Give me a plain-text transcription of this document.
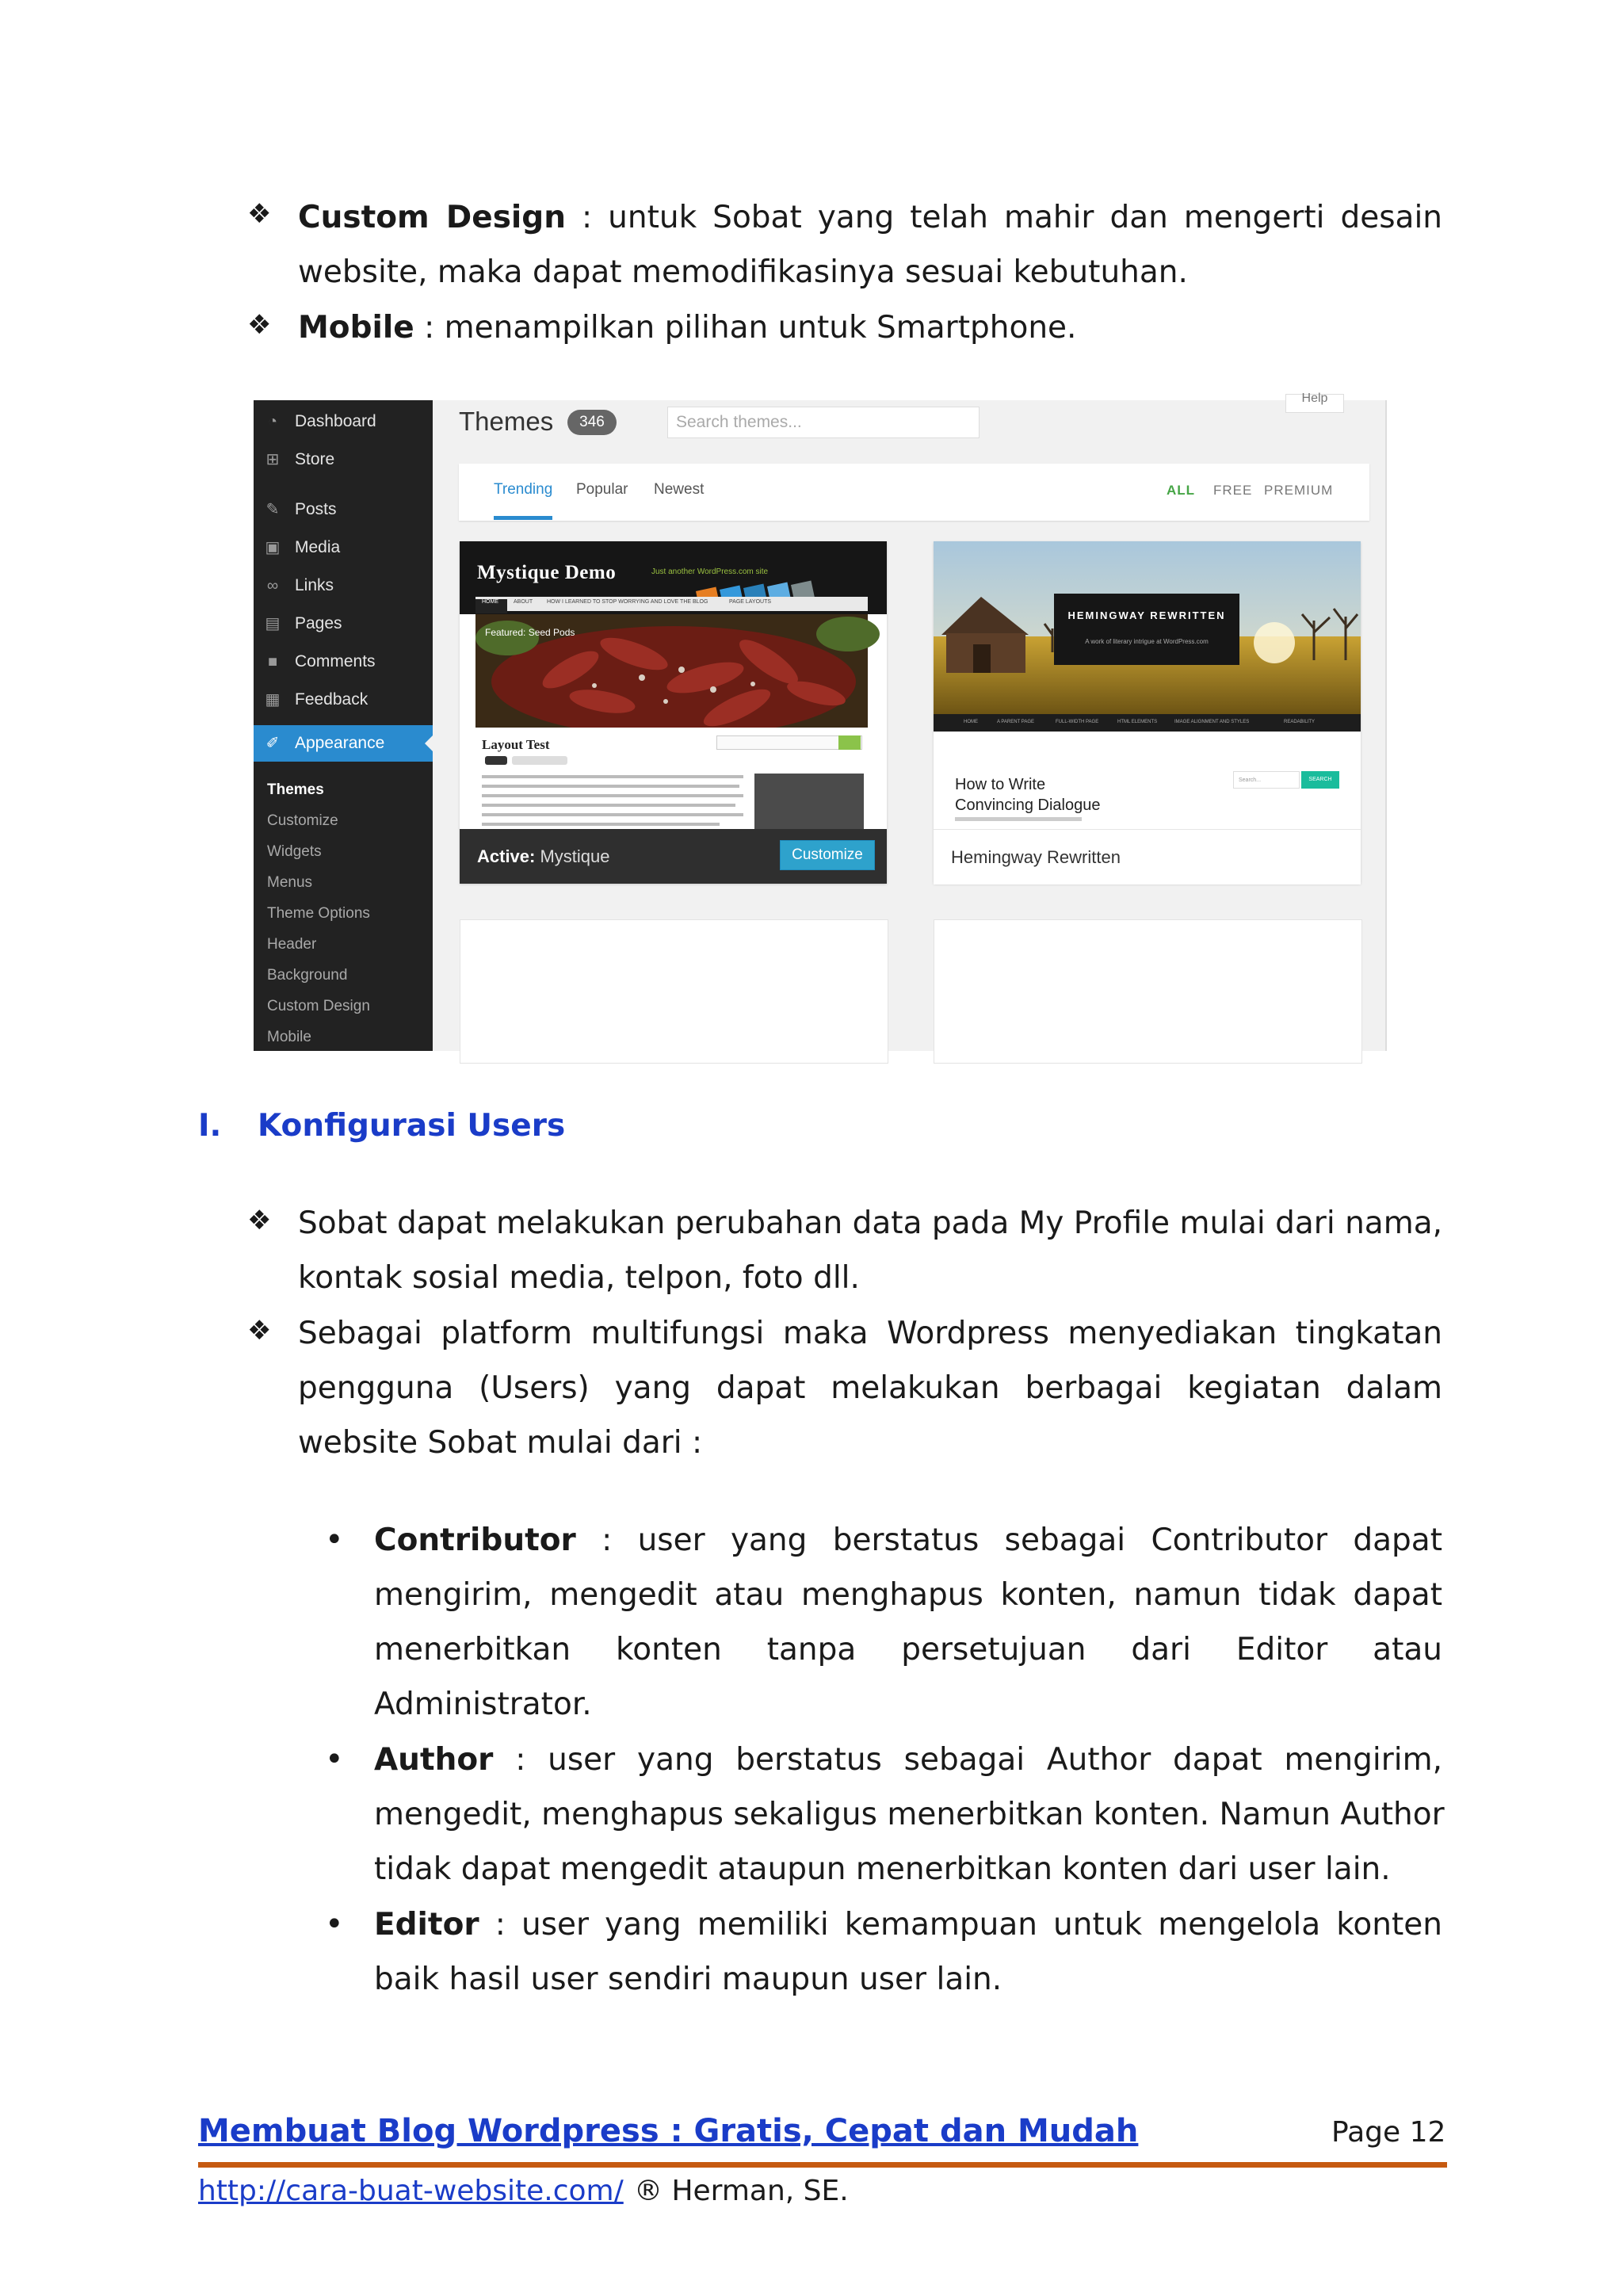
❖ Custom Design : untuk Sobat yang telah mahir dan mengerti desain
website, maka dapat memodifikasinya sesuai kebutuhan.
❖ Mobile : menampilkan pilihan untuk Smartphone.
◔ Dashboard
⊞ Store
✎ Posts
▣ Media
∞ Links
▤ Pages
■ Comments
▦ Feedback
✐ Appearance
Themes
Customize
Widgets
Menus
Theme Options
Header
Background
Custom Design
Mobile
Themes	346	Search themes...
Help
Trending Popular Newest	ALL FREE PREMIUM
Mystique Demo	Just another WordPress.com site
HOME	ABOUT	HOW I LEARNED TO STOP WORRYING AND LOVE THE BLOG	PAGE LAYOUTS
Featured: Seed Pods
Layout Test
Active: Mystique	Customize
HEMINGWAY REWRITTEN
A work of literary intrigue at WordPress.com
HOME	A PARENT PAGE	FULL-WIDTH PAGE	HTML ELEMENTS	IMAGE ALIGNMENT AND STYLES	READABILITY
How to Write
Convincing Dialogue
Search...	SEARCH
Hemingway Rewritten
I. Konfigurasi Users
❖ Sobat dapat melakukan perubahan data pada My Profile mulai dari nama,
kontak sosial media, telpon, foto dll.
❖ Sebagai platform multifungsi maka Wordpress menyediakan tingkatan
pengguna (Users) yang dapat melakukan berbagai kegiatan dalam
website Sobat mulai dari :
• Contributor : user yang berstatus sebagai Contributor dapat
mengirim, mengedit atau menghapus konten, namun tidak dapat
menerbitkan konten tanpa persetujuan dari Editor atau
Administrator.
• Author : user yang berstatus sebagai Author dapat mengirim,
mengedit, menghapus sekaligus menerbitkan konten. Namun Author
tidak dapat mengedit ataupun menerbitkan konten dari user lain.
• Editor : user yang memiliki kemampuan untuk mengelola konten
baik hasil user sendiri maupun user lain.
Membuat Blog Wordpress : Gratis, Cepat dan Mudah	Page 12
http://cara-buat-website.com/ ® Herman, SE.
